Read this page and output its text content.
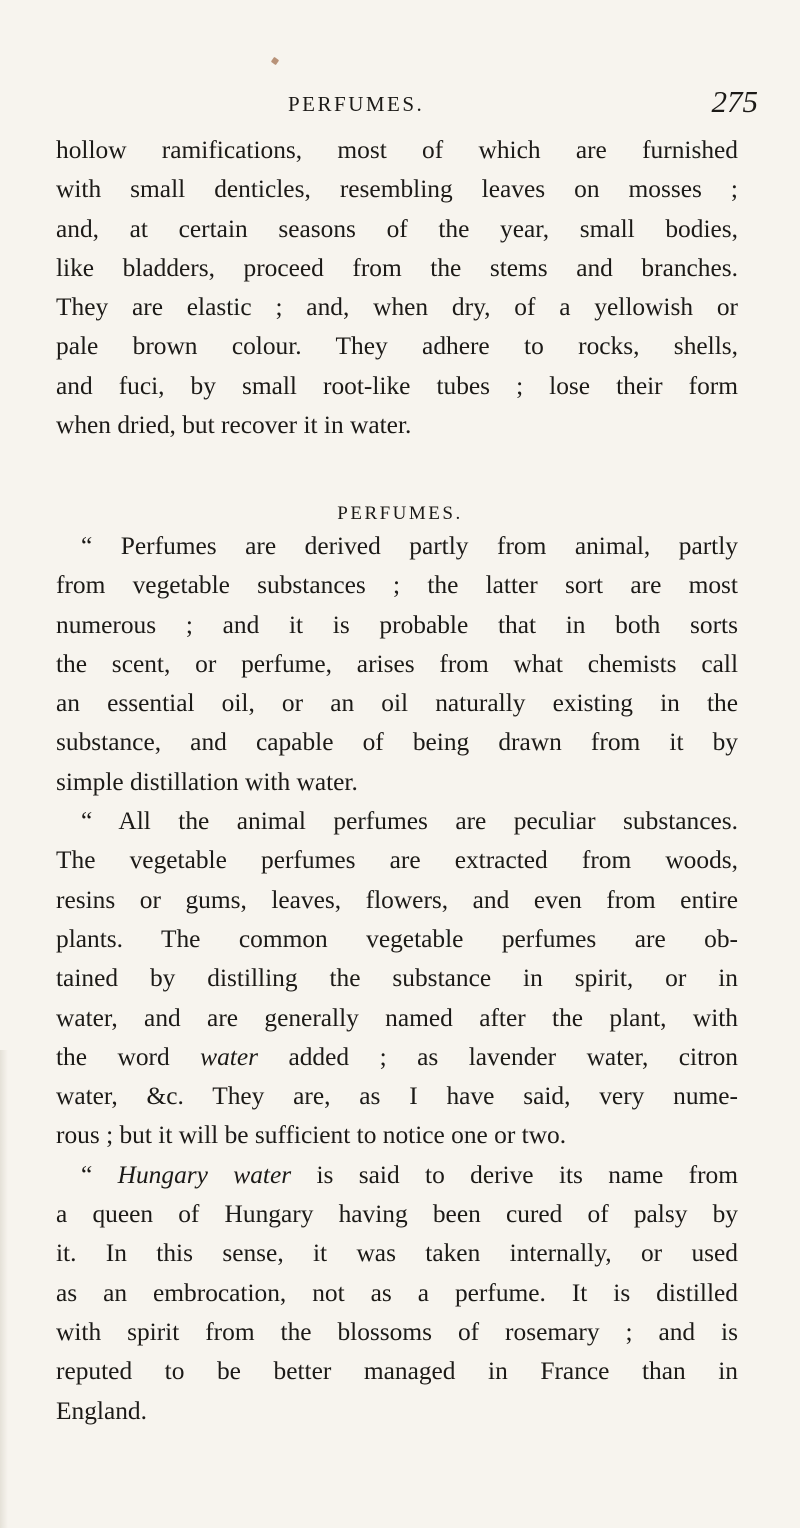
PERFUMES.	275

hollow ramifications, most of which are furnished
with small denticles, resembling leaves on mosses ;
and, at certain seasons of the year, small bodies,
like bladders, proceed from the stems and branches.
They are elastic ; and, when dry, of a yellowish or
pale brown colour. They adhere to rocks, shells,
and fuci, by small root-like tubes ; lose their form
when dried, but recover it in water.

PERFUMES.

“ Perfumes are derived partly from animal, partly
from vegetable substances ; the latter sort are most
numerous ; and it is probable that in both sorts
the scent, or perfume, arises from what chemists call
an essential oil, or an oil naturally existing in the
substance, and capable of being drawn from it by
simple distillation with water.

“ All the animal perfumes are peculiar substances.
The vegetable perfumes are extracted from woods,
resins or gums, leaves, flowers, and even from entire
plants. The common vegetable perfumes are ob-
tained by distilling the substance in spirit, or in
water, and are generally named after the plant, with
the word water added ; as lavender water, citron
water, &c. They are, as I have said, very nume-
rous ; but it will be sufficient to notice one or two.

“ Hungary water is said to derive its name from
a queen of Hungary having been cured of palsy by
it. In this sense, it was taken internally, or used
as an embrocation, not as a perfume. It is distilled
with spirit from the blossoms of rosemary ; and is
reputed to be better managed in France than in
England.
